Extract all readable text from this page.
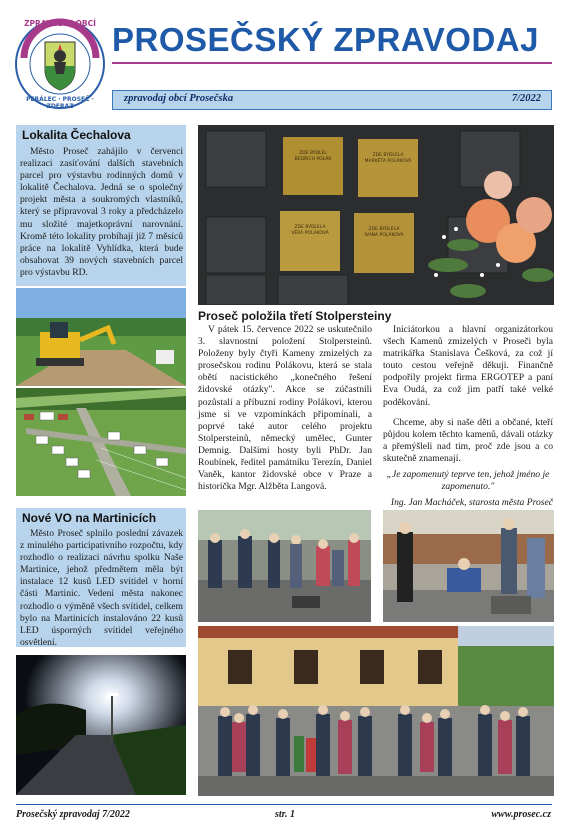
ZPRAVODAJ OBCÍ
PERÁLEC · PROSEČ · ZDERAZ
PROSEČSKÝ ZPRAVODAJ
zpravodaj obcí Prosečska	7/2022
Lokalita Čechalova

Město Proseč zahájilo v červenci realizaci zasíťování dalších stavebních parcel pro výstavbu rodinných domů v lokalitě Čechalova. Jedná se o společný projekt města a soukromých vlastníků, který se připravoval 3 roky a předcházelo mu složité majetkoprávní narovnání. Kromě této lokality probíhají již 7 měsíců práce na lokalitě Vyhlídka, která bude obsahovat 39 nových stavebních parcel pro výstavbu RD.

Nové VO na Martinicích

Město Proseč splnilo poslední závazek z minulého participativního rozpočtu, kdy rozhodlo o realizaci návrhu spolku Naše Martinice, jehož předmětem měla být instalace 12 kusů LED svítidel v horní části Martinic. Vedení města nakonec rozhodlo o výměně všech svítidel, celkem bylo na Martinicích instalováno 22 kusů LED úsporných svítidel veřejného osvětlení.

ZDE BYDLEL
BEDŘICH POLÁK
ZDE BYDLELA
MARKÉTA POLÁKOVÁ
ZDE BYDLELA
VĚRA POLÁKOVÁ
ZDE BYDLELA
IVANA POLÁKOVÁ
Proseč položila třetí Stolpersteiny

V pátek 15. července 2022 se uskutečnilo 3. slavnostní položení Stolpersteinů. Položeny byly čtyři Kameny zmizelých za prosečskou rodinu Polákovu, která se stala obětí nacistického „konečného řešení židovské otázky". Akce se zúčastnili pozůstalí a příbuzní rodiny Polákovi, kterou jsme si ve vzpomínkách připomínali, a poprvé také autor celého projektu Stolpersteinů, německý umělec, Gunter Demnig. Dalšími hosty byli PhDr. Jan Roubínek, ředitel památníku Terezín, Daniel Vaněk, kantor židovské obce v Praze a historička Mgr. Alžběta Langová.

Iniciátorkou a hlavní organizátorkou všech Kamenů zmizelých v Proseči byla matrikářka Stanislava Češková, za což jí touto cestou veřejně děkuji. Finančně podpořily projekt firma ERGOTEP a paní Eva Oudá, za což jim patří také velké poděkování.

Chceme, aby si naše děti a občané, kteří půjdou kolem těchto kamenů, dávali otázky a přemýšleli nad tím, proč zde jsou a co skutečně znamenají.

„Je zapomenutý teprve ten, jehož jméno je zapomenuto."

Ing. Jan Macháček, starosta města Proseč

Prosečský zpravodaj 7/2022	str. 1	www.prosec.cz
